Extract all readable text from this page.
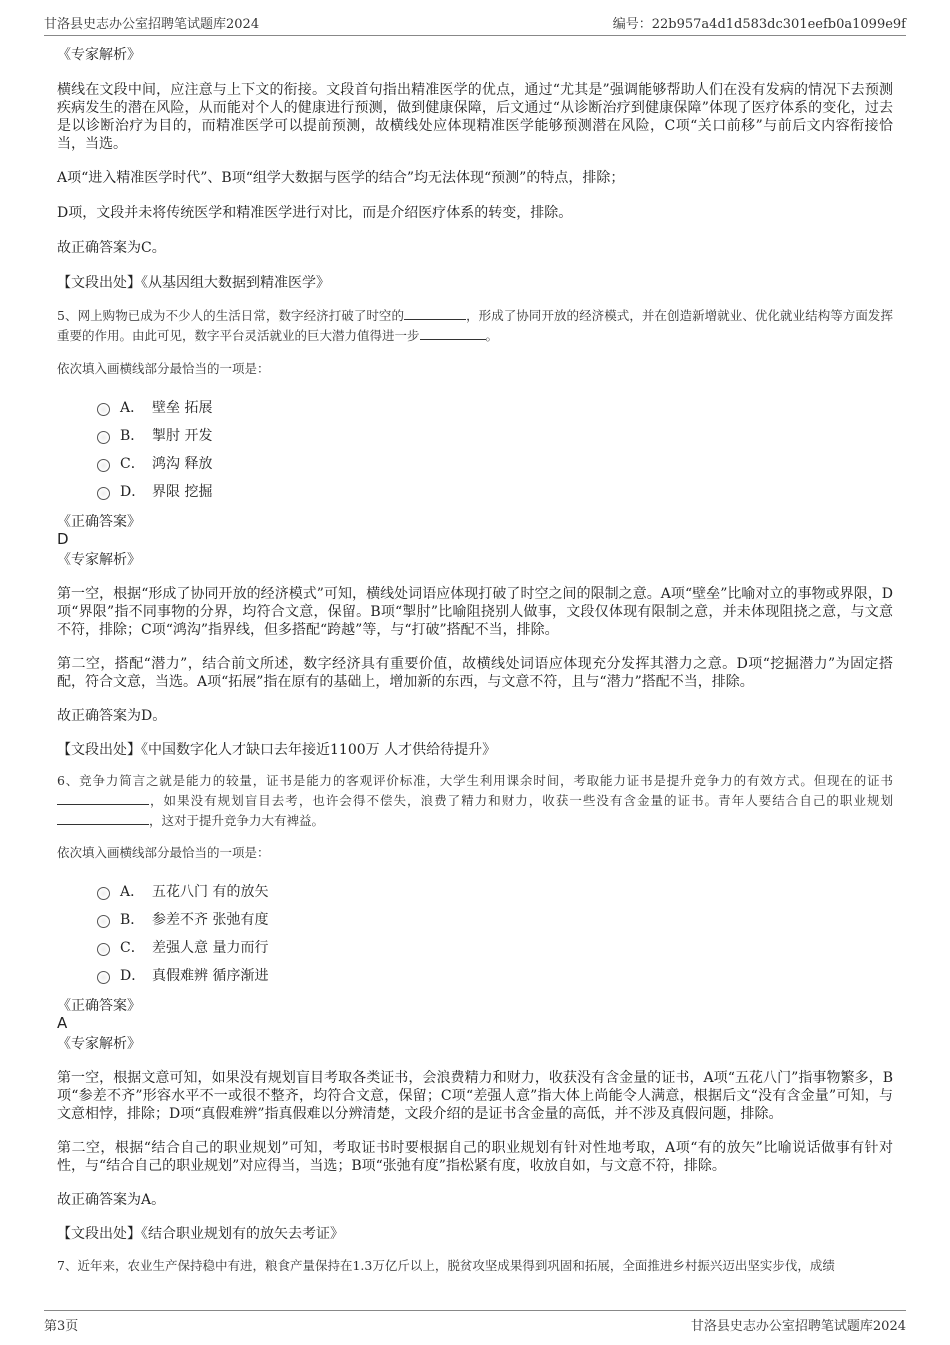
甘洛县史志办公室招聘笔试题库2024	编号：22b957a4d1d583dc301eefb0a1099e9f

《专家解析》

横线在文段中间，应注意与上下文的衔接。文段首句指出精准医学的优点，通过“尤其是”强调能够帮助人们在没有发病的情况下去预测疾病发生的潜在风险，从而能对个人的健康进行预测，做到健康保障，后文通过“从诊断治疗到健康保障”体现了医疗体系的变化，过去是以诊断治疗为目的，而精准医学可以提前预测，故横线处应体现精准医学能够预测潜在风险，C项“关口前移”与前后文内容衔接恰当，当选。

A项“进入精准医学时代”、B项“组学大数据与医学的结合”均无法体现“预测”的特点，排除；

D项，文段并未将传统医学和精准医学进行对比，而是介绍医疗体系的转变，排除。

故正确答案为C。

【文段出处】《从基因组大数据到精准医学》

5、网上购物已成为不少人的生活日常，数字经济打破了时空的	，形成了协同开放的经济模式，并在创造新增就业、优化就业结构等方面发挥重要的作用。由此可见，数字平台灵活就业的巨大潜力值得进一步	。

依次填入画横线部分最恰当的一项是：

A． 壁垒 拓展
B． 掣肘 开发
C． 鸿沟 释放
D． 界限 挖掘

《正确答案》

D

《专家解析》

第一空，根据“形成了协同开放的经济模式”可知，横线处词语应体现打破了时空之间的限制之意。A项“壁垒”比喻对立的事物或界限，D项“界限”指不同事物的分界，均符合文意，保留。B项“掣肘”比喻阻挠别人做事，文段仅体现有限制之意，并未体现阻挠之意，与文意不符，排除；C项“鸿沟”指界线，但多搭配“跨越”等，与“打破”搭配不当，排除。

第二空，搭配“潜力”，结合前文所述，数字经济具有重要价值，故横线处词语应体现充分发挥其潜力之意。D项“挖掘潜力”为固定搭配，符合文意，当选。A项“拓展”指在原有的基础上，增加新的东西，与文意不符，且与“潜力”搭配不当，排除。

故正确答案为D。

【文段出处】《中国数字化人才缺口去年接近1100万 人才供给待提升》

6、竞争力简言之就是能力的较量，证书是能力的客观评价标准，大学生利用课余时间，考取能力证书是提升竞争力的有效方式。但现在的证书，如果没有规划盲目去考，也许会得不偿失，浪费了精力和财力，收获一些没有含金量的证书。青年人要结合自己的职业规划，这对于提升竞争力大有裨益。

依次填入画横线部分最恰当的一项是：

A． 五花八门 有的放矢
B． 参差不齐 张弛有度
C． 差强人意 量力而行
D． 真假难辨 循序渐进

《正确答案》

A

《专家解析》

第一空，根据文意可知，如果没有规划盲目考取各类证书，会浪费精力和财力，收获没有含金量的证书，A项“五花八门”指事物繁多，B项“参差不齐”形容水平不一或很不整齐，均符合文意，保留；C项“差强人意”指大体上尚能令人满意，根据后文“没有含金量”可知，与文意相悖，排除；D项“真假难辨”指真假难以分辨清楚，文段介绍的是证书含金量的高低，并不涉及真假问题，排除。

第二空，根据“结合自己的职业规划”可知，考取证书时要根据自己的职业规划有针对性地考取，A项“有的放矢”比喻说话做事有针对性，与“结合自己的职业规划”对应得当，当选；B项“张弛有度”指松紧有度，收放自如，与文意不符，排除。

故正确答案为A。

【文段出处】《结合职业规划有的放矢去考证》

7、近年来，农业生产保持稳中有进，粮食产量保持在1.3万亿斤以上，脱贫攻坚成果得到巩固和拓展，全面推进乡村振兴迈出坚实步伐，成绩

第3页	甘洛县史志办公室招聘笔试题库2024
